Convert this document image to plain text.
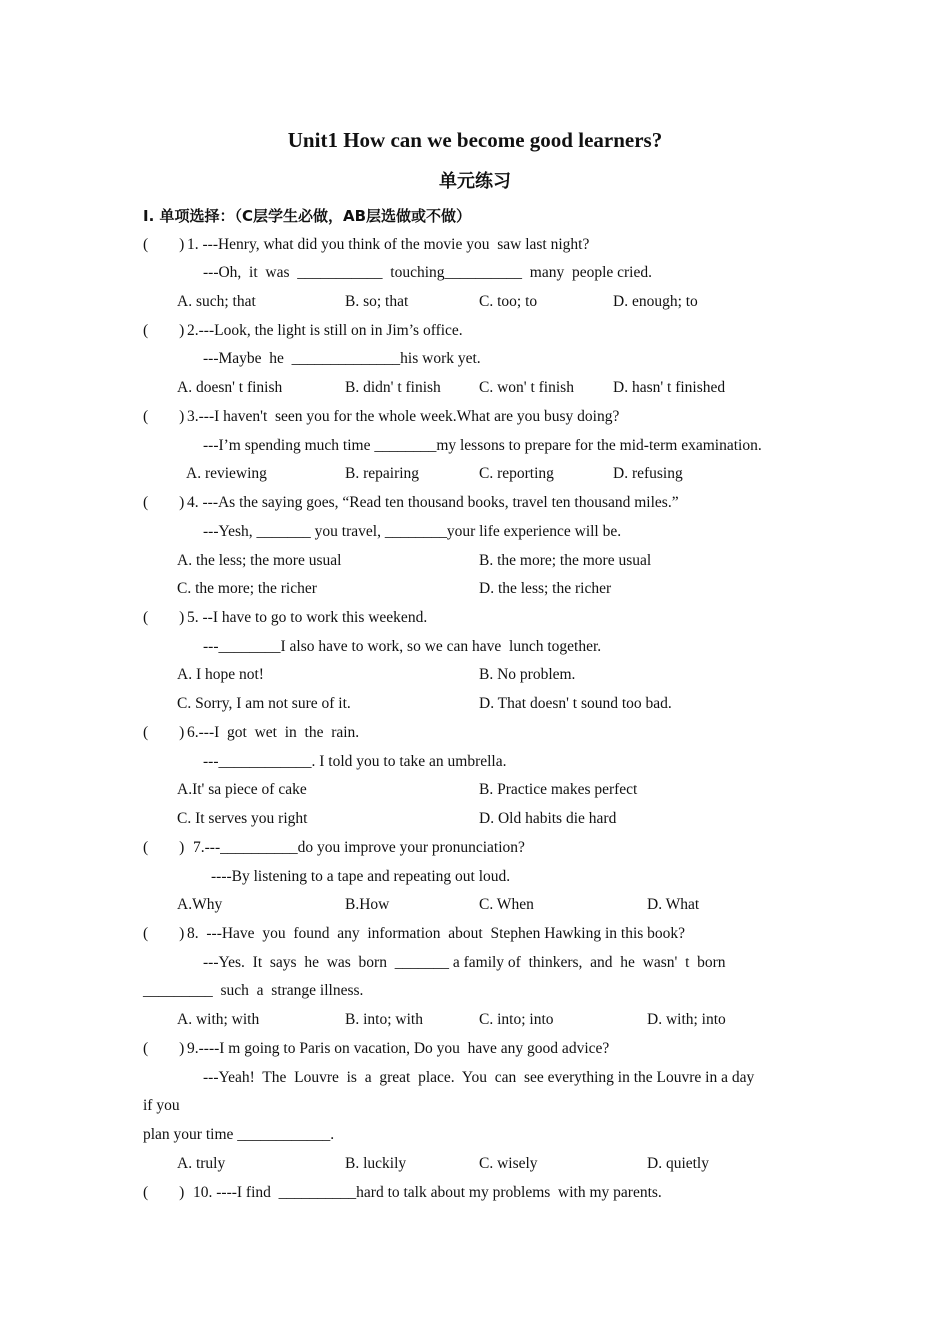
Unit1 How can we become good learners?
单元练习
I. 单项选择：（C层学生必做，AB层选做或不做）
(        ) 1. ---Henry, what did you think of the movie you  saw last night?
---Oh,  it  was  ___________  touching__________  many  people cried.
A. such; that	B. so; that	C. too; to	D. enough; to
(        ) 2.---Look, the light is still on in Jim’s office.
---Maybe  he  ______________his work yet.
A. doesn' t finish	B. didn' t finish C. won' t finish	D. hasn' t finished
(        ) 3.---I haven't  seen you for the whole week.What are you busy doing?
---I’m spending much time ________my lessons to prepare for the mid-term examination.
A. reviewing	B. repairing	C. reporting	D. refusing
(        ) 4. ---As the saying goes, “Read ten thousand books, travel ten thousand miles.”
---Yesh, _______ you travel, ________your life experience will be.
A. the less; the more usual	B. the more; the more usual
C. the more; the richer	D. the less; the richer
(        ) 5. --I have to go to work this weekend.
---________I also have to work, so we can have  lunch together.
A. I hope not!	B. No problem.
C. Sorry, I am not sure of it.	D. That doesn' t sound too bad.
(        ) 6.---I  got  wet  in  the  rain.
---____________. I told you to take an umbrella.
A.It' sa piece of cake	B. Practice makes perfect
C. It serves you right	D. Old habits die hard
(        ) 7.---__________do you improve your pronunciation?
----By listening to a tape and repeating out loud.
A.Why	B.How	C. When	D. What
(        ) 8.  ---Have  you  found  any  information  about  Stephen Hawking in this book?
---Yes.  It  says  he  was  born  _______ a family of  thinkers,  and  he  wasn'  t  born
_________  such  a  strange illness.
A. with; with	B. into; with	C. into; into	D. with; into
(        ) 9.----I m going to Paris on vacation, Do you  have any good advice?
---Yeah!  The  Louvre  is  a  great  place.  You  can  see everything in the Louvre in a day
if you
plan your time ____________.
A. truly	B. luckily	C. wisely	D. quietly
(        ) 10. ----I find  __________hard to talk about my problems  with my parents.
